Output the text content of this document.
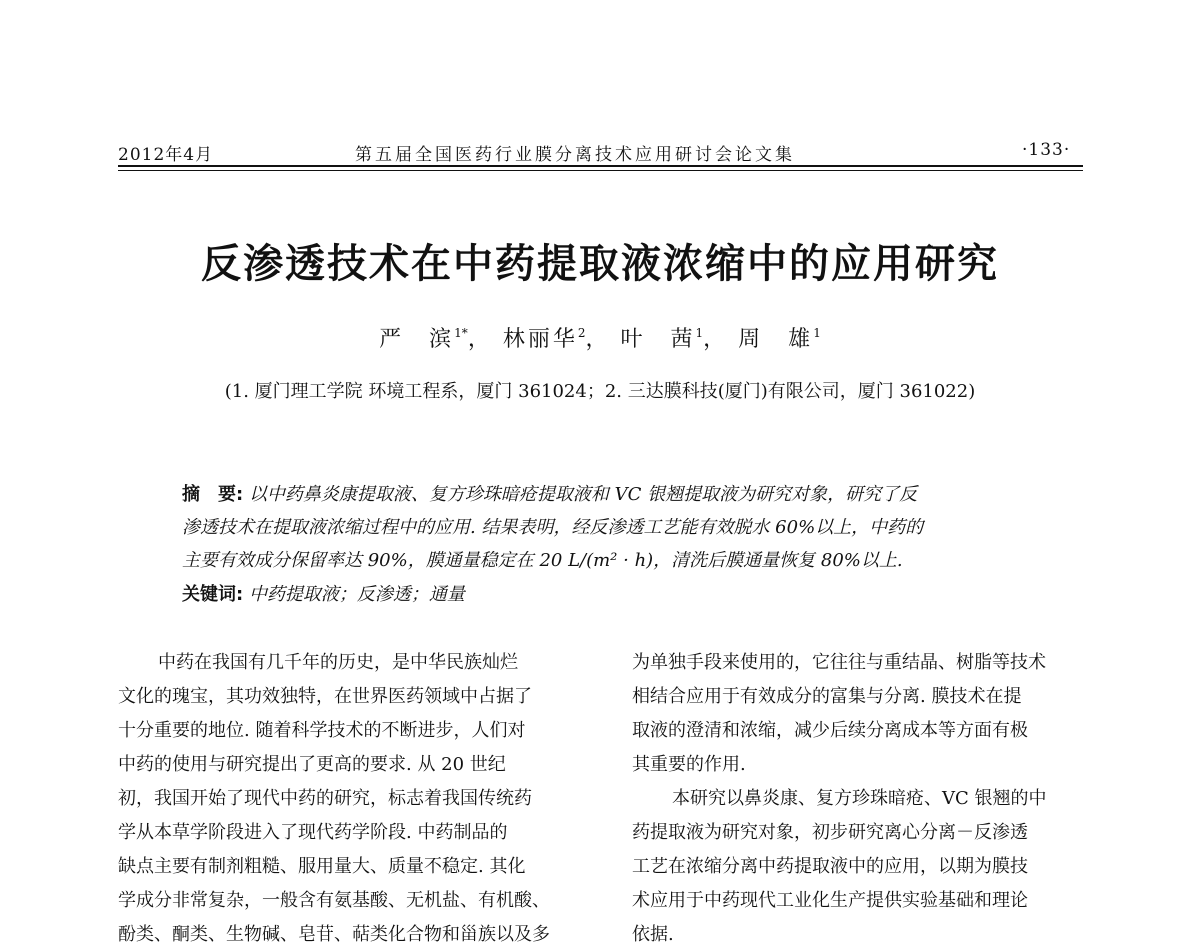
2012年4月	第五届全国医药行业膜分离技术应用研讨会论文集	·133·
反渗透技术在中药提取液浓缩中的应用研究
严　滨$^{1*}$， 林丽华$^2$， 叶　茜$^1$， 周　雄$^1$
(1. 厦门理工学院 环境工程系，厦门 361024；2. 三达膜科技(厦门)有限公司，厦门 361022)
摘　要: 以中药鼻炎康提取液、复方珍珠暗疮提取液和 VC 银翘提取液为研究对象，研究了反
渗透技术在提取液浓缩过程中的应用. 结果表明，经反渗透工艺能有效脱水 60%以上，中药的
主要有效成分保留率达 90%，膜通量稳定在 20 L/(m² · h)，清洗后膜通量恢复 80%以上.
关键词: 中药提取液；反渗透；通量
中药在我国有几千年的历史，是中华民族灿烂
文化的瑰宝，其功效独特，在世界医药领域中占据了
十分重要的地位. 随着科学技术的不断进步，人们对
中药的使用与研究提出了更高的要求. 从 20 世纪
初，我国开始了现代中药的研究，标志着我国传统药
学从本草学阶段进入了现代药学阶段. 中药制品的
缺点主要有制剂粗糙、服用量大、质量不稳定. 其化
学成分非常复杂，一般含有氨基酸、无机盐、有机酸、
酚类、酮类、生物碱、皂苷、萜类化合物和甾族以及多
为单独手段来使用的，它往往与重结晶、树脂等技术
相结合应用于有效成分的富集与分离. 膜技术在提
取液的澄清和浓缩，减少后续分离成本等方面有极
其重要的作用.
本研究以鼻炎康、复方珍珠暗疮、VC 银翘的中
药提取液为研究对象，初步研究离心分离－反渗透
工艺在浓缩分离中药提取液中的应用，以期为膜技
术应用于中药现代工业化生产提供实验基础和理论
依据.
